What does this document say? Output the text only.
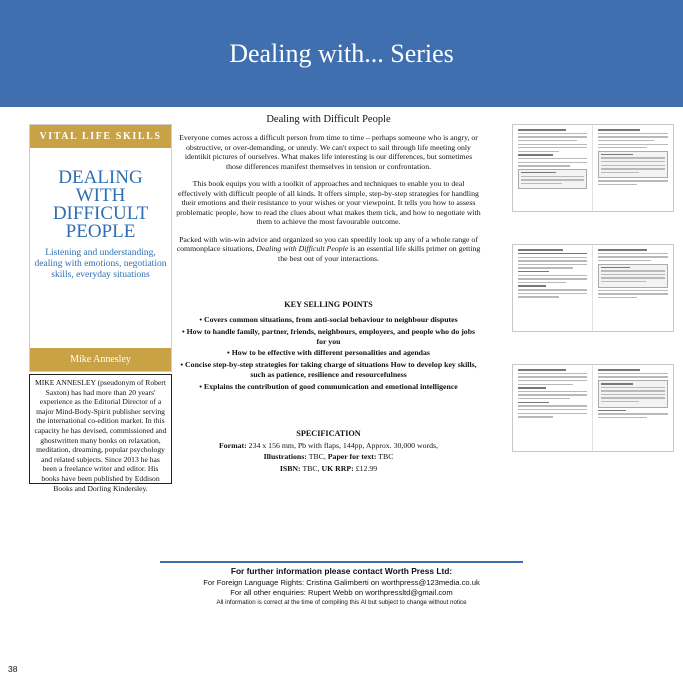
Dealing with... Series
VITAL LIFE SKILLS
DEALING
WITH
DIFFICULT
PEOPLE
Listening and understanding, dealing with emotions, negotiation skills, everyday situations
Mike Annesley
MIKE ANNESLEY (pseudonym of Robert Saxton) has had more than 20 years' experience as the Editorial Director of a major Mind-Body-Spirit publisher serving the international co-edition market. In this capacity he has devised, commissioned and ghostwritten many books on relaxation, meditation, dreaming, popular psychology and related subjects. Since 2013 he has been a freelance writer and editor. His books have been published by Eddison Books and Dorling Kindersley.
Dealing with Difficult People

Everyone comes across a difficult person from time to time – perhaps someone who is angry, or obstructive, or over-demanding, or unruly. We can't expect to sail through life meeting only identikit pictures of ourselves. What makes life interesting is our differences, but sometimes those differences manifest themselves in tension or confrontation.

This book equips you with a toolkit of approaches and techniques to enable you to deal effectively with difficult people of all kinds. It offers simple, step-by-step strategies for handling their emotions and their resistance to your wishes or your viewpoint. It tells you how to assess problematic people, how to read the clues about what makes them tick, and how to negotiate with them to achieve the most favourable outcome.

Packed with win-win advice and organized so you can speedily look up any of a whole range of commonplace situations, Dealing with Difficult People is an essential life skills primer on getting the best out of your interactions.

KEY SELLING POINTS
• Covers common situations, from anti-social behaviour to neighbour disputes
• How to handle family, partner, friends, neighbours, employers, and people who do jobs for you
• How to be effective with different personalities and agendas
• Concise step-by-step strategies for taking charge of situations How to develop key skills, such as patience, resilience and resourcefulness
• Explains the contribution of good communication and emotional intelligence
SPECIFICATION
Format: 234 x 156 mm, Pb with flaps, 144pp, Approx. 30,000 words,
Illustrations: TBC, Paper for text: TBC
ISBN: TBC, UK RRP: £12.99
For further information please contact Worth Press Ltd:
For Foreign Language Rights: Cristina Galimberti on worthpress@123media.co.uk
For all other enquiries: Rupert Webb on worthpressltd@gmail.com
All information is correct at the time of compiling this AI but subject to change without notice
38
